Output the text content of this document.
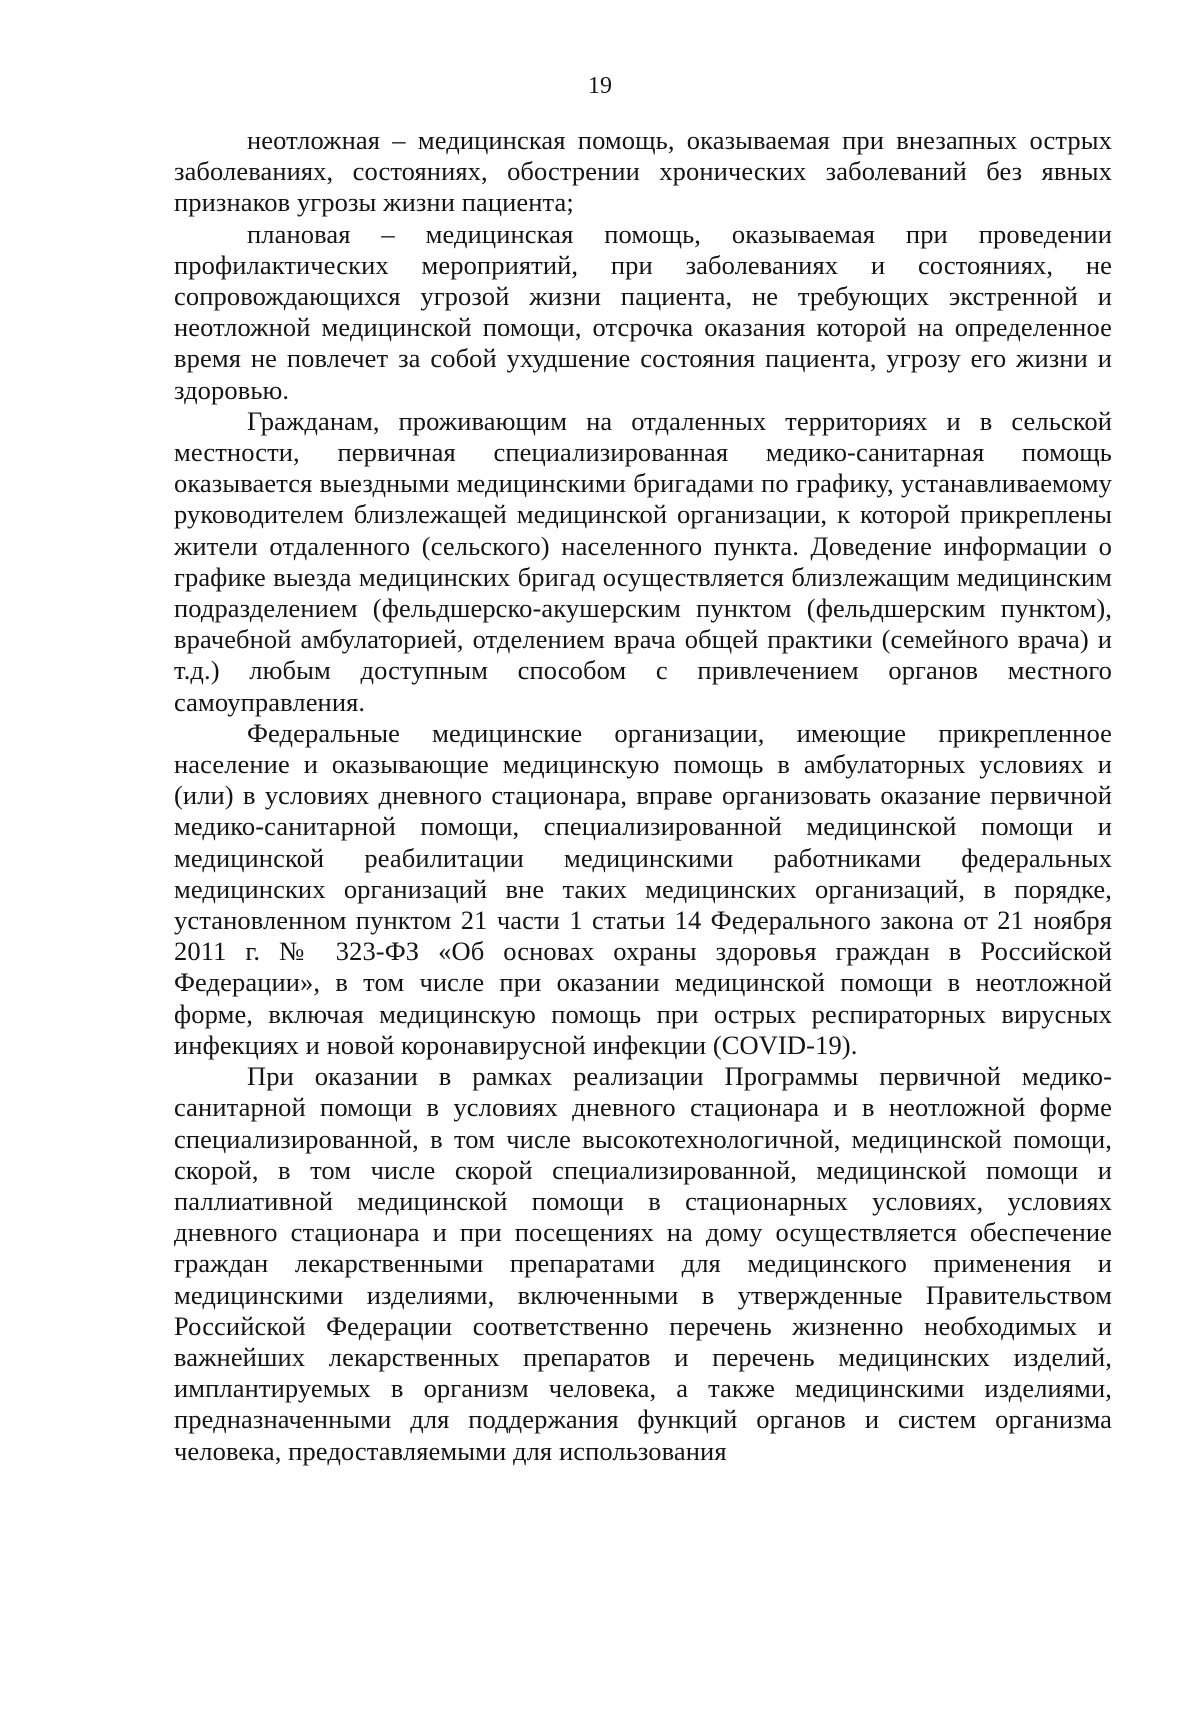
19

неотложная – медицинская помощь, оказываемая при внезапных острых заболеваниях, состояниях, обострении хронических заболеваний без явных признаков угрозы жизни пациента;

плановая – медицинская помощь, оказываемая при проведении профилактических мероприятий, при заболеваниях и состояниях, не сопровождающихся угрозой жизни пациента, не требующих экстренной и неотложной медицинской помощи, отсрочка оказания которой на определенное время не повлечет за собой ухудшение состояния пациента, угрозу его жизни и здоровью.

Гражданам, проживающим на отдаленных территориях и в сельской местности, первичная специализированная медико-санитарная помощь оказывается выездными медицинскими бригадами по графику, устанавливаемому руководителем близлежащей медицинской организации, к которой прикреплены жители отдаленного (сельского) населенного пункта. Доведение информации о графике выезда медицинских бригад осуществляется близлежащим медицинским подразделением (фельдшерско-акушерским пунктом (фельдшерским пунктом), врачебной амбулаторией, отделением врача общей практики (семейного врача) и т.д.) любым доступным способом с привлечением органов местного самоуправления.

Федеральные медицинские организации, имеющие прикрепленное население и оказывающие медицинскую помощь в амбулаторных условиях и (или) в условиях дневного стационара, вправе организовать оказание первичной медико-санитарной помощи, специализированной медицинской помощи и медицинской реабилитации медицинскими работниками федеральных медицинских организаций вне таких медицинских организаций, в порядке, установленном пунктом 21 части 1 статьи 14 Федерального закона от 21 ноября 2011 г. № 323-ФЗ «Об основах охраны здоровья граждан в Российской Федерации», в том числе при оказании медицинской помощи в неотложной форме, включая медицинскую помощь при острых респираторных вирусных инфекциях и новой коронавирусной инфекции (COVID-19).

При оказании в рамках реализации Программы первичной медико-санитарной помощи в условиях дневного стационара и в неотложной форме специализированной, в том числе высокотехнологичной, медицинской помощи, скорой, в том числе скорой специализированной, медицинской помощи и паллиативной медицинской помощи в стационарных условиях, условиях дневного стационара и при посещениях на дому осуществляется обеспечение граждан лекарственными препаратами для медицинского применения и медицинскими изделиями, включенными в утвержденные Правительством Российской Федерации соответственно перечень жизненно необходимых и важнейших лекарственных препаратов и перечень медицинских изделий, имплантируемых в организм человека, а также медицинскими изделиями, предназначенными для поддержания функций органов и систем организма человека, предоставляемыми для использования
